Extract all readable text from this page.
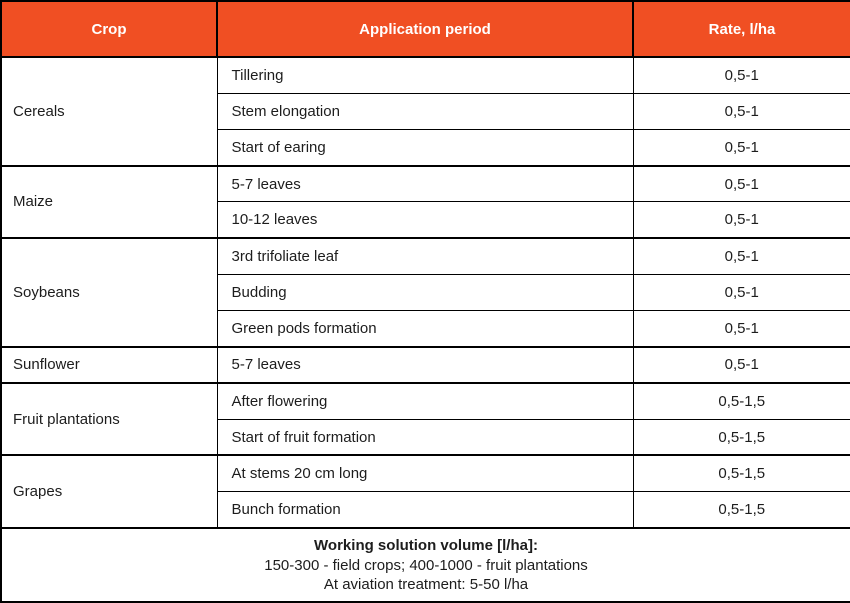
Crop	Application period	Rate, l/ha
Cereals	Tillering	0,5-1
	Stem elongation	0,5-1
	Start of earing	0,5-1
Maize	5-7 leaves	0,5-1
	10-12 leaves	0,5-1
Soybeans	3rd trifoliate leaf	0,5-1
	Budding	0,5-1
	Green pods formation	0,5-1
Sunflower	5-7 leaves	0,5-1
Fruit plantations	After flowering	0,5-1,5
	Start of fruit formation	0,5-1,5
Grapes	At stems 20 cm long	0,5-1,5
	Bunch formation	0,5-1,5

Working solution volume [l/ha]:
150-300 - field crops; 400-1000 - fruit plantations
At aviation treatment: 5-50 l/ha		
